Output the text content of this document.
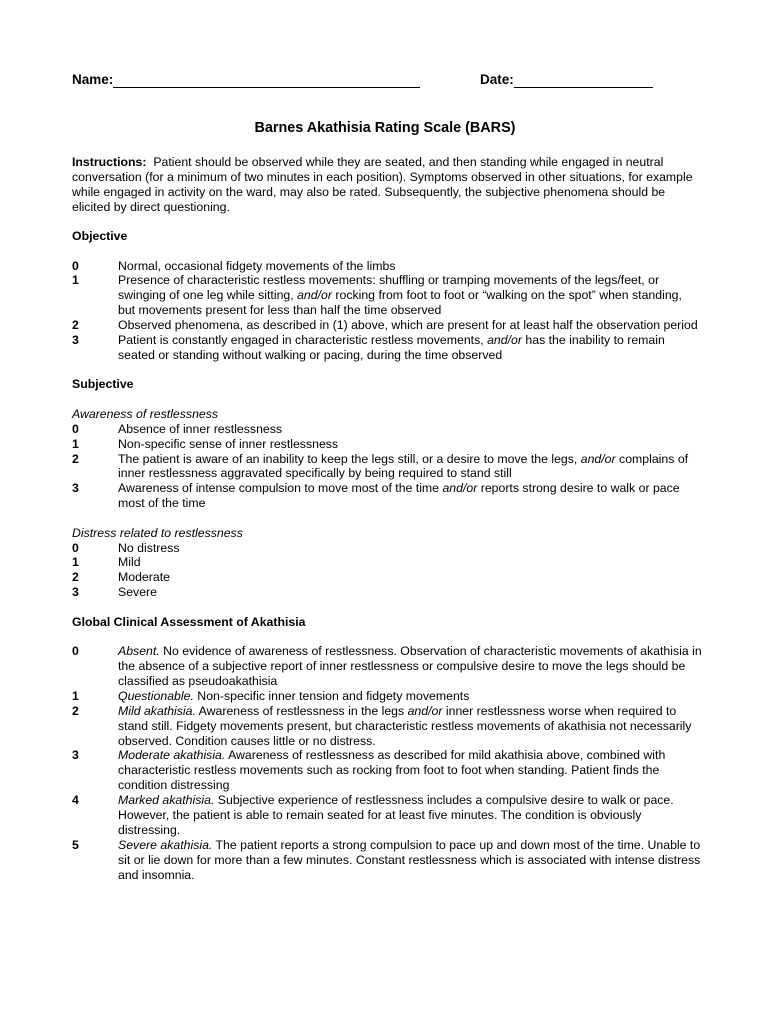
Name:	Date:
Barnes Akathisia Rating Scale (BARS)

Instructions: Patient should be observed while they are seated, and then standing while engaged in neutral conversation (for a minimum of two minutes in each position). Symptoms observed in other situations, for example while engaged in activity on the ward, may also be rated. Subsequently, the subjective phenomena should be elicited by direct questioning.

Objective

0	Normal, occasional fidgety movements of the limbs
1	Presence of characteristic restless movements: shuffling or tramping movements of the legs/feet, or swinging of one leg while sitting, and/or rocking from foot to foot or “walking on the spot” when standing, but movements present for less than half the time observed
2	Observed phenomena, as described in (1) above, which are present for at least half the observation period
3	Patient is constantly engaged in characteristic restless movements, and/or has the inability to remain seated or standing without walking or pacing, during the time observed

Subjective

Awareness of restlessness

0	Absence of inner restlessness
1	Non-specific sense of inner restlessness
2	The patient is aware of an inability to keep the legs still, or a desire to move the legs, and/or complains of inner restlessness aggravated specifically by being required to stand still
3	Awareness of intense compulsion to move most of the time and/or reports strong desire to walk or pace most of the time

Distress related to restlessness

0	No distress
1	Mild
2	Moderate
3	Severe

Global Clinical Assessment of Akathisia

0	Absent. No evidence of awareness of restlessness. Observation of characteristic movements of akathisia in the absence of a subjective report of inner restlessness or compulsive desire to move the legs should be classified as pseudoakathisia
1	Questionable. Non-specific inner tension and fidgety movements
2	Mild akathisia. Awareness of restlessness in the legs and/or inner restlessness worse when required to stand still. Fidgety movements present, but characteristic restless movements of akathisia not necessarily observed. Condition causes little or no distress.
3	Moderate akathisia. Awareness of restlessness as described for mild akathisia above, combined with characteristic restless movements such as rocking from foot to foot when standing. Patient finds the condition distressing
4	Marked akathisia. Subjective experience of restlessness includes a compulsive desire to walk or pace. However, the patient is able to remain seated for at least five minutes. The condition is obviously distressing.
5	Severe akathisia. The patient reports a strong compulsion to pace up and down most of the time. Unable to sit or lie down for more than a few minutes. Constant restlessness which is associated with intense distress and insomnia.
